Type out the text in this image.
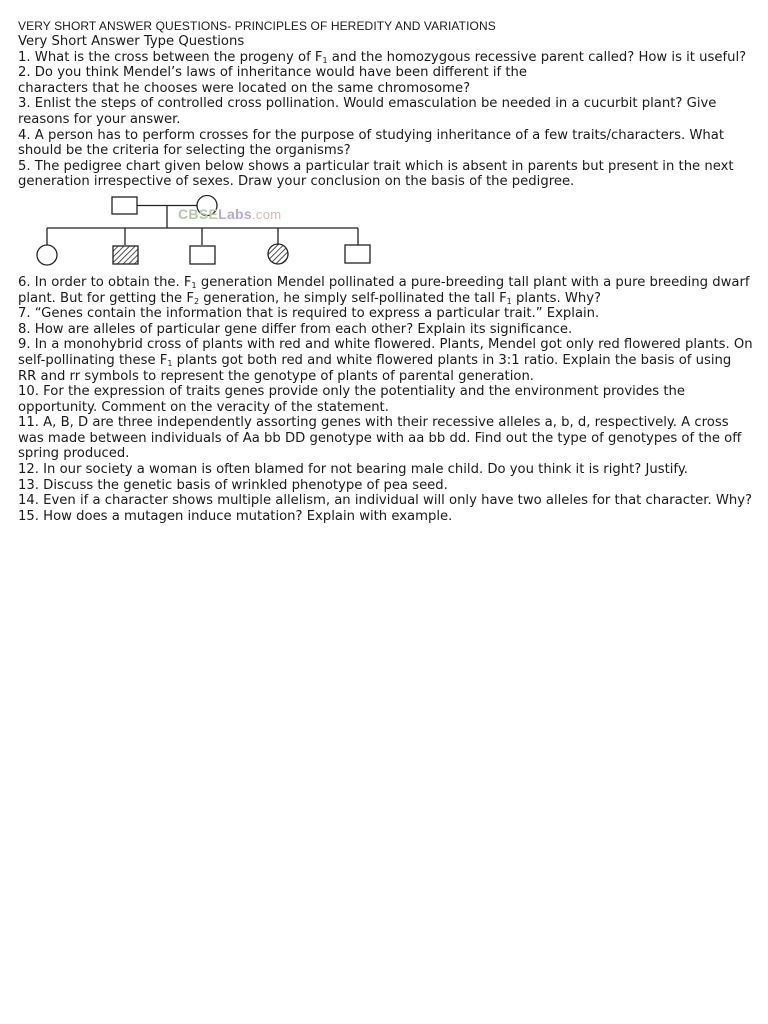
VERY SHORT ANSWER QUESTIONS- PRINCIPLES OF HEREDITY AND VARIATIONS
Very Short Answer Type Questions
1. What is the cross between the progeny of $F_1$ and the homozygous recessive parent called? How is it useful?
2. Do you think Mendel’s laws of inheritance would have been different if the
characters that he chooses were located on the same chromosome?
3. Enlist the steps of controlled cross pollination. Would emasculation be needed in a cucurbit plant? Give reasons for your answer.
4. A person has to perform crosses for the purpose of studying inheritance of a few traits/characters. What should be the criteria for selecting the organisms?
5. The pedigree chart given below shows a particular trait which is absent in parents but present in the next generation irrespective of sexes. Draw your conclusion on the basis of the pedigree.
CBSELabs.com
6. In order to obtain the. $F_1$ generation Mendel pollinated a pure-breeding tall plant with a pure breeding dwarf plant. But for getting the $F_2$ generation, he simply self-pollinated the tall $F_1$ plants. Why?
7. “Genes contain the information that is required to express a particular trait.” Explain.
8. How are alleles of particular gene differ from each other? Explain its significance.
9. In a monohybrid cross of plants with red and white flowered. Plants, Mendel got only red flowered plants. On self-pollinating these $F_1$ plants got both red and white flowered plants in 3:1 ratio. Explain the basis of using RR and rr symbols to represent the genotype of plants of parental generation.
10. For the expression of traits genes provide only the potentiality and the environment provides the opportunity. Comment on the veracity of the statement.
11. A, B, D are three independently assorting genes with their recessive alleles a, b, d, respectively. A cross was made between individuals of Aa bb DD genotype with aa bb dd. Find out the type of genotypes of the off spring produced.
12. In our society a woman is often blamed for not bearing male child. Do you think it is right? Justify.
13. Discuss the genetic basis of wrinkled phenotype of pea seed.
14. Even if a character shows multiple allelism, an individual will only have two alleles for that character. Why?
15. How does a mutagen induce mutation? Explain with example.
